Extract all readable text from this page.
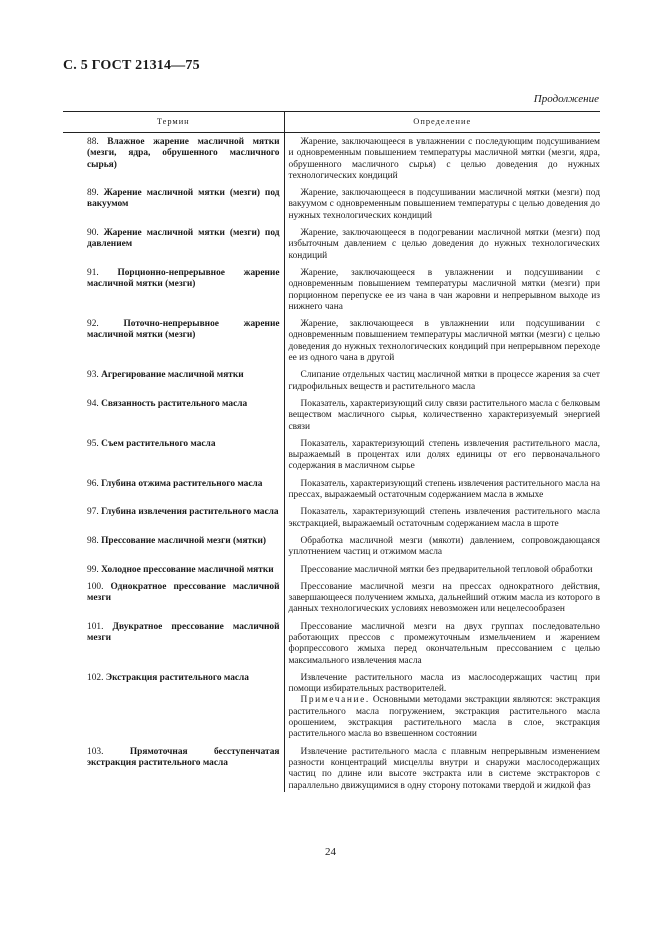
С. 5 ГОСТ 21314—75
Продолжение
Термин	Определение

88. Влажное жарение масличной мятки (мезги, ядра, обрушенного масличного сырья)	Жарение, заключающееся в увлажнении с последующим подсушиванием и одновременным повышением температуры масличной мятки (мезги, ядра, обрушенного масличного сырья) с целью доведения до нужных технологических кондиций

89. Жарение масличной мятки (мезги) под вакуумом	Жарение, заключающееся в подсушивании масличной мятки (мезги) под вакуумом с одновременным повышением температуры с целью доведения до нужных технологических кондиций

90. Жарение масличной мятки (мезги) под давлением	Жарение, заключающееся в подогревании масличной мятки (мезги) под избыточным давлением с целью доведения до нужных технологических кондиций

91. Порционно-непрерывное жарение масличной мятки (мезги)	Жарение, заключающееся в увлажнении и подсушивании с одновременным повышением температуры масличной мятки (мезги) при порционном перепуске ее из чана в чан жаровни и непрерывном выходе из нижнего чана

92. Поточно-непрерывное жарение масличной мятки (мезги)	Жарение, заключающееся в увлажнении или подсушивании с одновременным повышением температуры масличной мятки (мезги) с целью доведения до нужных технологических кондиций при непрерывном переходе ее из одного чана в другой

93. Агрегирование масличной мятки	Слипание отдельных частиц масличной мятки в процессе жарения за счет гидрофильных веществ и растительного масла

94. Связанность растительного масла	Показатель, характеризующий силу связи растительного масла с белковым веществом масличного сырья, количественно характеризуемый энергией связи

95. Съем растительного масла	Показатель, характеризующий степень извлечения растительного масла, выражаемый в процентах или долях единицы от его первоначального содержания в масличном сырье

96. Глубина отжима растительного масла	Показатель, характеризующий степень извлечения растительного масла на прессах, выражаемый остаточным содержанием масла в жмыхе

97. Глубина извлечения растительного масла	Показатель, характеризующий степень извлечения растительного масла экстракцией, выражаемый остаточным содержанием масла в шроте

98. Прессование масличной мезги (мятки)	Обработка масличной мезги (мякоти) давлением, сопровождающаяся уплотнением частиц и отжимом масла

99. Холодное прессование масличной мятки	Прессование масличной мятки без предварительной тепловой обработки

100. Однократное прессование масличной мезги	Прессование масличной мезги на прессах однократного действия, завершающееся получением жмыха, дальнейший отжим масла из которого в данных технологических условиях невозможен или нецелесообразен

101. Двукратное прессование масличной мезги	Прессование масличной мезги на двух группах последовательно работающих прессов с промежуточным измельчением и жарением форпрессового жмыха перед окончательным прессованием с целью максимального извлечения масла

102. Экстракция растительного масла	Извлечение растительного масла из маслосодержащих частиц при помощи избирательных растворителей.

Примечание. Основными методами экстракции являются: экстракция растительного масла погружением, экстракция растительного масла орошением, экстракция растительного масла в слое, экстракция растительного масла во взвешенном состоянии

103. Прямоточная бесступенчатая экстракция растительного масла	Извлечение растительного масла с плавным непрерывным изменением разности концентраций мисцеллы внутри и снаружи маслосодержащих частиц по длине или высоте экстракта или в системе экстракторов с параллельно движущимися в одну сторону потоками твердой и жидкой фаз

24
